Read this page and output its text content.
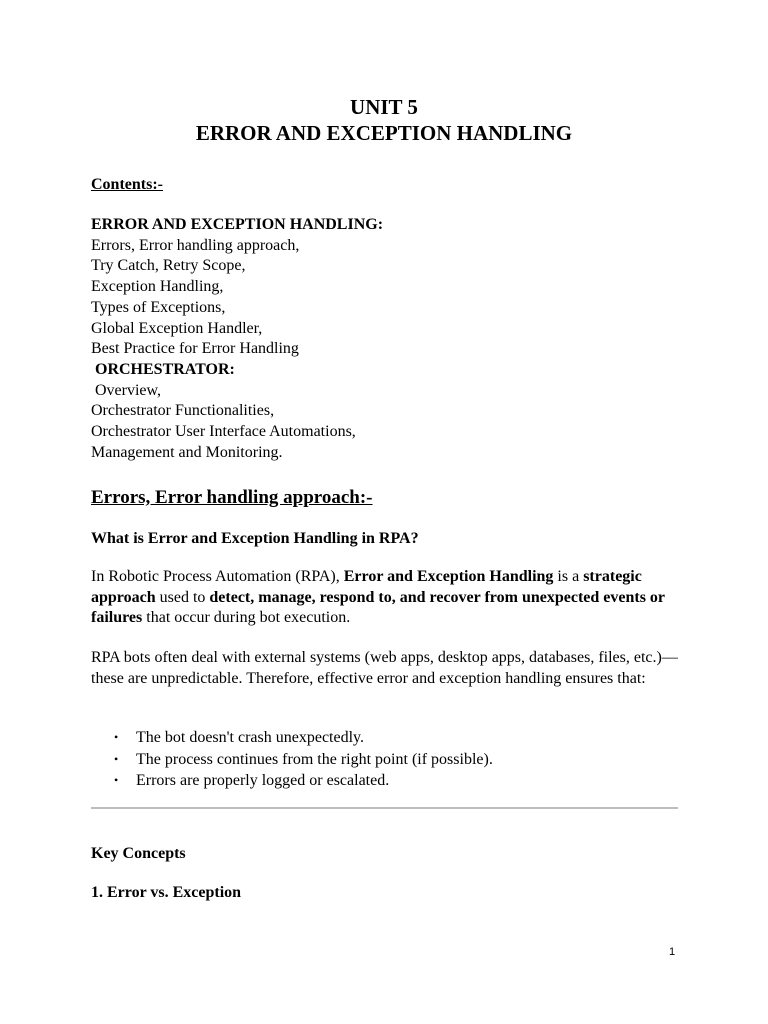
UNIT 5
ERROR AND EXCEPTION HANDLING
Contents:-
ERROR AND EXCEPTION HANDLING:
Errors, Error handling approach,
Try Catch, Retry Scope,
Exception Handling,
Types of Exceptions,
Global Exception Handler,
Best Practice for Error Handling
ORCHESTRATOR:
Overview,
Orchestrator Functionalities,
Orchestrator User Interface Automations,
Management and Monitoring.
Errors, Error handling approach:-
What is Error and Exception Handling in RPA?
In Robotic Process Automation (RPA), Error and Exception Handling is a strategic approach used to detect, manage, respond to, and recover from unexpected events or failures that occur during bot execution.
RPA bots often deal with external systems (web apps, desktop apps, databases, files, etc.)—these are unpredictable. Therefore, effective error and exception handling ensures that:
• The bot doesn't crash unexpectedly.
• The process continues from the right point (if possible).
• Errors are properly logged or escalated.
Key Concepts
1. Error vs. Exception
1
